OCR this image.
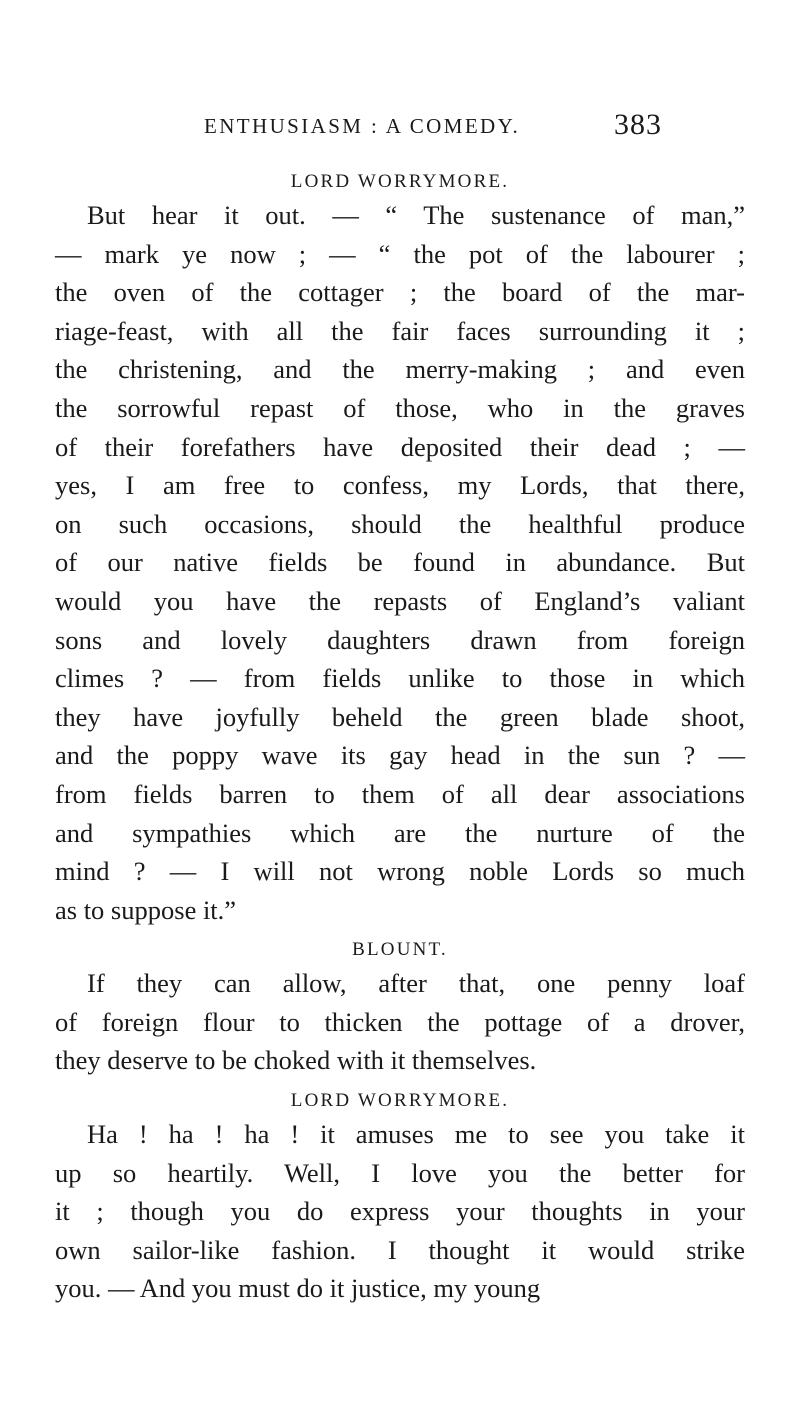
ENTHUSIASM : A COMEDY.	383
LORD WORRYMORE.
But hear it out. — “ The sustenance of man,”
— mark ye now ; — “ the pot of the labourer ;
the oven of the cottager ; the board of the mar-
riage-feast, with all the fair faces surrounding it ;
the christening, and the merry-making ; and even
the sorrowful repast of those, who in the graves
of their forefathers have deposited their dead ; —
yes, I am free to confess, my Lords, that there,
on such occasions, should the healthful produce
of our native fields be found in abundance. But
would you have the repasts of England’s valiant
sons and lovely daughters drawn from foreign
climes ? — from fields unlike to those in which
they have joyfully beheld the green blade shoot,
and the poppy wave its gay head in the sun ? —
from fields barren to them of all dear associations
and sympathies which are the nurture of the
mind ? — I will not wrong noble Lords so much
as to suppose it.”
BLOUNT.
If they can allow, after that, one penny loaf
of foreign flour to thicken the pottage of a drover,
they deserve to be choked with it themselves.
LORD WORRYMORE.
Ha ! ha ! ha ! it amuses me to see you take it
up so heartily. Well, I love you the better for
it ; though you do express your thoughts in your
own sailor-like fashion. I thought it would strike
you. — And you must do it justice, my young
